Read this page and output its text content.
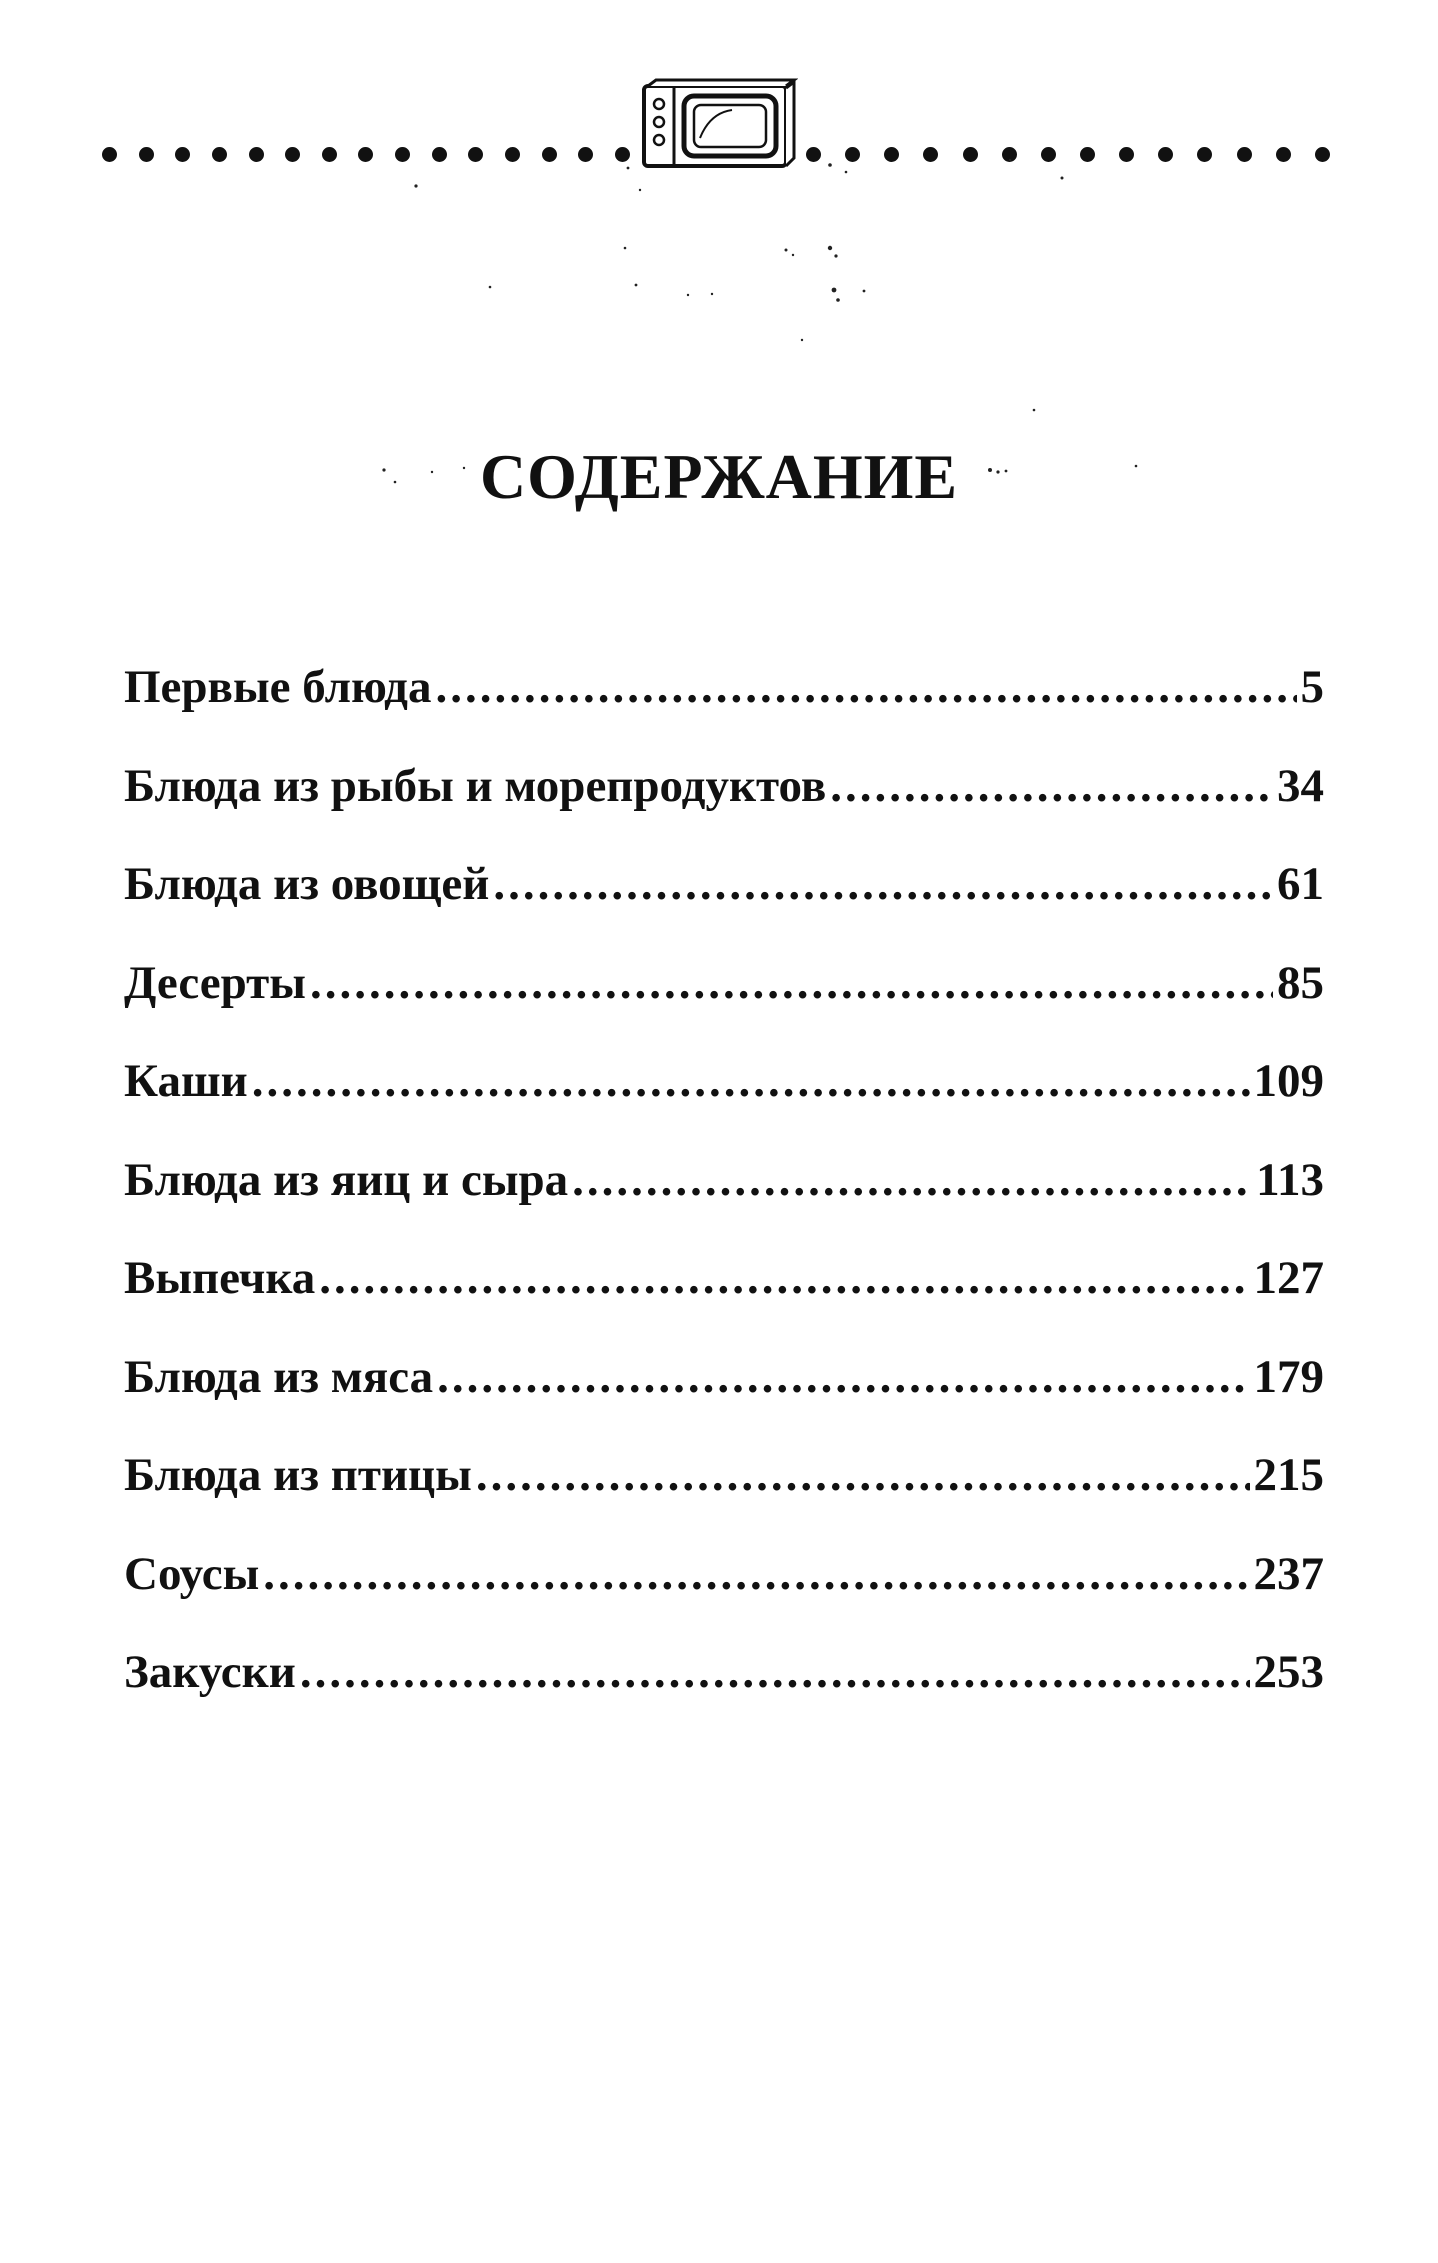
СОДЕРЖАНИЕ
Первые блюда .....	5
Блюда из рыбы и морепродуктов .....	34
Блюда из овощей .....	61
Десерты .....	85
Каши .....	109
Блюда из яиц и сыра .....	113
Выпечка .....	127
Блюда из мяса .....	179
Блюда из птицы .....	215
Соусы .....	237
Закуски .....	253
